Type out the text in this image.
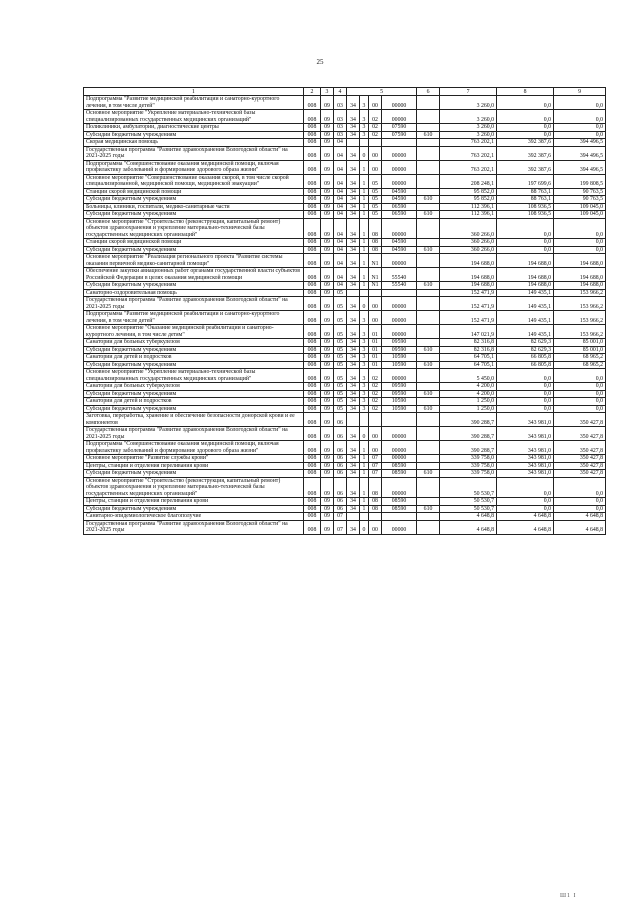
25
1	2	3	4	5				6	7	8	9
Подпрограмма "Развитие медицинской реабилитации и санаторно-курортного лечения, в том числе детей"	008	09	03	34	3	00	00000		3 260,0	0,0	0,0
Основное мероприятие "Укрепление материально-технической базы специализированных государственных медицинских организаций"	008	09	03	34	3	02	00000		3 260,0	0,0	0,0
Поликлиники, амбулатории, диагностические центры	008	09	03	34	3	02	07590		3 260,0	0,0	0,0
Субсидии бюджетным учреждениям	008	09	03	34	3	02	07590	610	3 260,0	0,0	0,0
Скорая медицинская помощь	008	09	04						763 202,1	392 387,6	394 496,5
Государственная программа "Развитие здравоохранения Вологодской области" на 2021-2025 годы	008	09	04	34	0	00	00000		763 202,1	392 387,6	394 496,5
Подпрограмма "Совершенствование оказания медицинской помощи, включая профилактику заболеваний и формирование здорового образа жизни"	008	09	04	34	1	00	00000		763 202,1	392 387,6	394 496,5
Основное мероприятие "Совершенствование оказания скорой, в том числе скорой специализированной, медицинской помощи, медицинской эвакуации"	008	09	04	34	1	05	00000		208 248,1	197 699,6	199 808,5
Станции скорой медицинской помощи	008	09	04	34	1	05	04590		95 852,0	88 763,1	90 763,5
Субсидии бюджетным учреждениям	008	09	04	34	1	05	04590	610	95 852,0	88 763,1	90 763,5
Больницы, клиники, госпитали, медико-санитарные части	008	09	04	34	1	05	06590		112 396,1	108 936,5	109 045,0
Субсидии бюджетным учреждениям	008	09	04	34	1	05	06590	610	112 396,1	108 936,5	109 045,0
Основное мероприятие "Строительство (реконструкция, капитальный ремонт) объектов здравоохранения и укрепление материально-технической базы государственных медицинских организаций"	008	09	04	34	1	08	00000		360 266,0	0,0	0,0
Станции скорой медицинской помощи	008	09	04	34	1	08	04590		360 266,0	0,0	0,0
Субсидии бюджетным учреждениям	008	09	04	34	1	08	04590	610	360 266,0	0,0	0,0
Основное мероприятие "Реализация регионального проекта "Развитие системы оказания первичной медико-санитарной помощи"	008	09	04	34	1	N1	00000		194 688,0	194 688,0	194 688,0
Обеспечение закупки авиационных работ органами государственной власти субъектов Российской Федерации в целях оказания медицинской помощи	008	09	04	34	1	N1	55540		194 688,0	194 688,0	194 688,0
Субсидии бюджетным учреждениям	008	09	04	34	1	N1	55540	610	194 688,0	194 688,0	194 688,0
Санаторно-оздоровительная помощь	008	09	05						152 471,9	149 435,1	153 966,2
Государственная программа "Развитие здравоохранения Вологодской области" на 2021-2025 годы	008	09	05	34	0	00	00000		152 471,9	149 435,1	153 966,2
Подпрограмма "Развитие медицинской реабилитации и санаторно-курортного лечения, в том числе детей"	008	09	05	34	3	00	00000		152 471,9	149 435,1	153 966,2
Основное мероприятие "Оказание медицинской реабилитации и санаторно-курортного лечения, в том числе детям"	008	09	05	34	3	01	00000		147 021,9	149 435,1	153 966,2
Санатории для больных туберкулезом	008	09	05	34	3	01	09590		82 316,8	82 629,3	85 001,0
Субсидии бюджетным учреждениям	008	09	05	34	3	01	09590	610	82 316,8	82 629,3	85 001,0
Санатории для детей и подростков	008	09	05	34	3	01	10590		64 705,1	66 805,8	68 965,2
Субсидии бюджетным учреждениям	008	09	05	34	3	01	10590	610	64 705,1	66 805,8	68 965,2
Основное мероприятие "Укрепление материально-технической базы специализированных государственных медицинских организаций"	008	09	05	34	3	02	00000		5 450,0	0,0	0,0
Санатории для больных туберкулезом	008	09	05	34	3	02	09590		4 200,0	0,0	0,0
Субсидии бюджетным учреждениям	008	09	05	34	3	02	09590	610	4 200,0	0,0	0,0
Санатории для детей и подростков	008	09	05	34	3	02	10590		1 250,0	0,0	0,0
Субсидии бюджетным учреждениям	008	09	05	34	3	02	10590	610	1 250,0	0,0	0,0
Заготовка, переработка, хранение и обеспечение безопасности донорской крови и ее компонентов	008	09	06						390 288,7	343 981,0	350 427,8
Государственная программа "Развитие здравоохранения Вологодской области" на 2021-2025 годы	008	09	06	34	0	00	00000		390 288,7	343 981,0	350 427,8
Подпрограмма "Совершенствование оказания медицинской помощи, включая профилактику заболеваний и формирование здорового образа жизни"	008	09	06	34	1	00	00000		390 288,7	343 981,0	350 427,8
Основное мероприятие "Развитие службы крови"	008	09	06	34	1	07	00000		339 758,0	343 981,0	350 427,8
Центры, станции и отделения переливания крови	008	09	06	34	1	07	08590		339 758,0	343 981,0	350 427,8
Субсидии бюджетным учреждениям	008	09	06	34	1	07	08590	610	339 758,0	343 981,0	350 427,8
Основное мероприятие "Строительство (реконструкция, капитальный ремонт) объектов здравоохранения и укрепление материально-технической базы государственных медицинских организаций"	008	09	06	34	1	08	00000		50 530,7	0,0	0,0
Центры, станции и отделения переливания крови	008	09	06	34	1	08	08590		50 530,7	0,0	0,0
Субсидии бюджетным учреждениям	008	09	06	34	1	08	08590	610	50 530,7	0,0	0,0
Санитарно-эпидемиологическое благополучие	008	09	07						4 648,8	4 648,8	4 648,8
Государственная программа "Развитие здравоохранения Вологодской области" на 2021-2025 годы	008	09	07	34	0	00	00000		4 648,8	4 648,8	4 648,8
Ш1 I
